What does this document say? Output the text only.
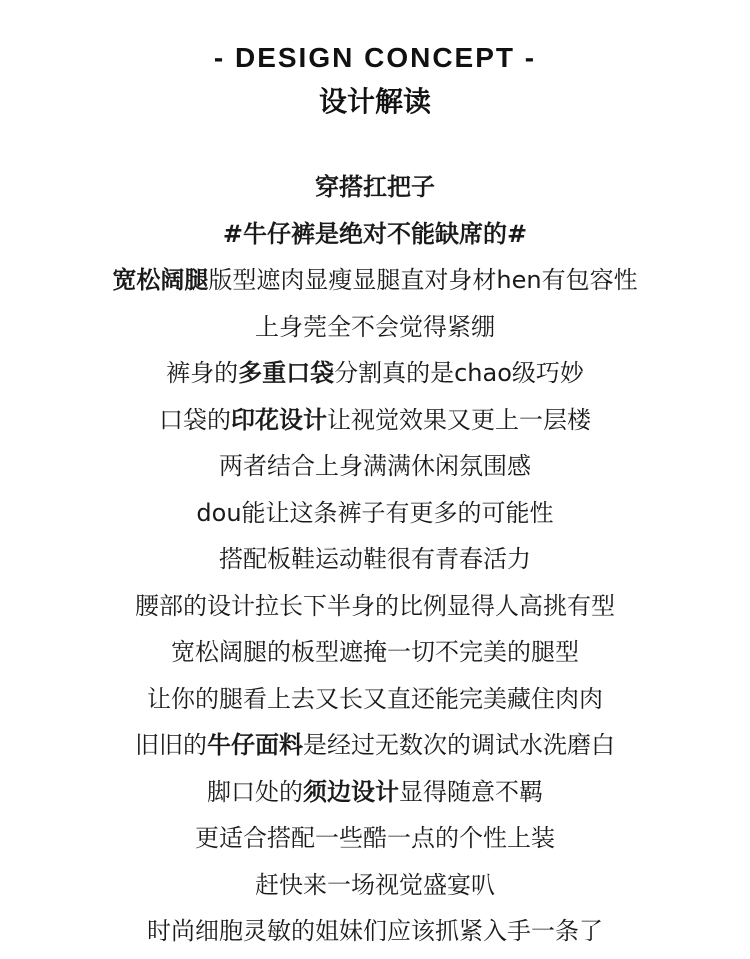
- DESIGN CONCEPT -
设计解读
穿搭扛把子
#牛仔裤是绝对不能缺席的#
宽松阔腿版型遮肉显瘦显腿直对身材hen有包容性
上身莞全不会觉得紧绷
裤身的多重口袋分割真的是chao级巧妙
口袋的印花设计让视觉效果又更上一层楼
两者结合上身满满休闲氛围感
dou能让这条裤子有更多的可能性
搭配板鞋运动鞋很有青春活力
腰部的设计拉长下半身的比例显得人高挑有型
宽松阔腿的板型遮掩一切不完美的腿型
让你的腿看上去又长又直还能完美藏住肉肉
旧旧的牛仔面料是经过无数次的调试水洗磨白
脚口处的须边设计显得随意不羁
更适合搭配一些酷一点的个性上装
赶快来一场视觉盛宴叭
时尚细胞灵敏的姐妹们应该抓紧入手一条了
